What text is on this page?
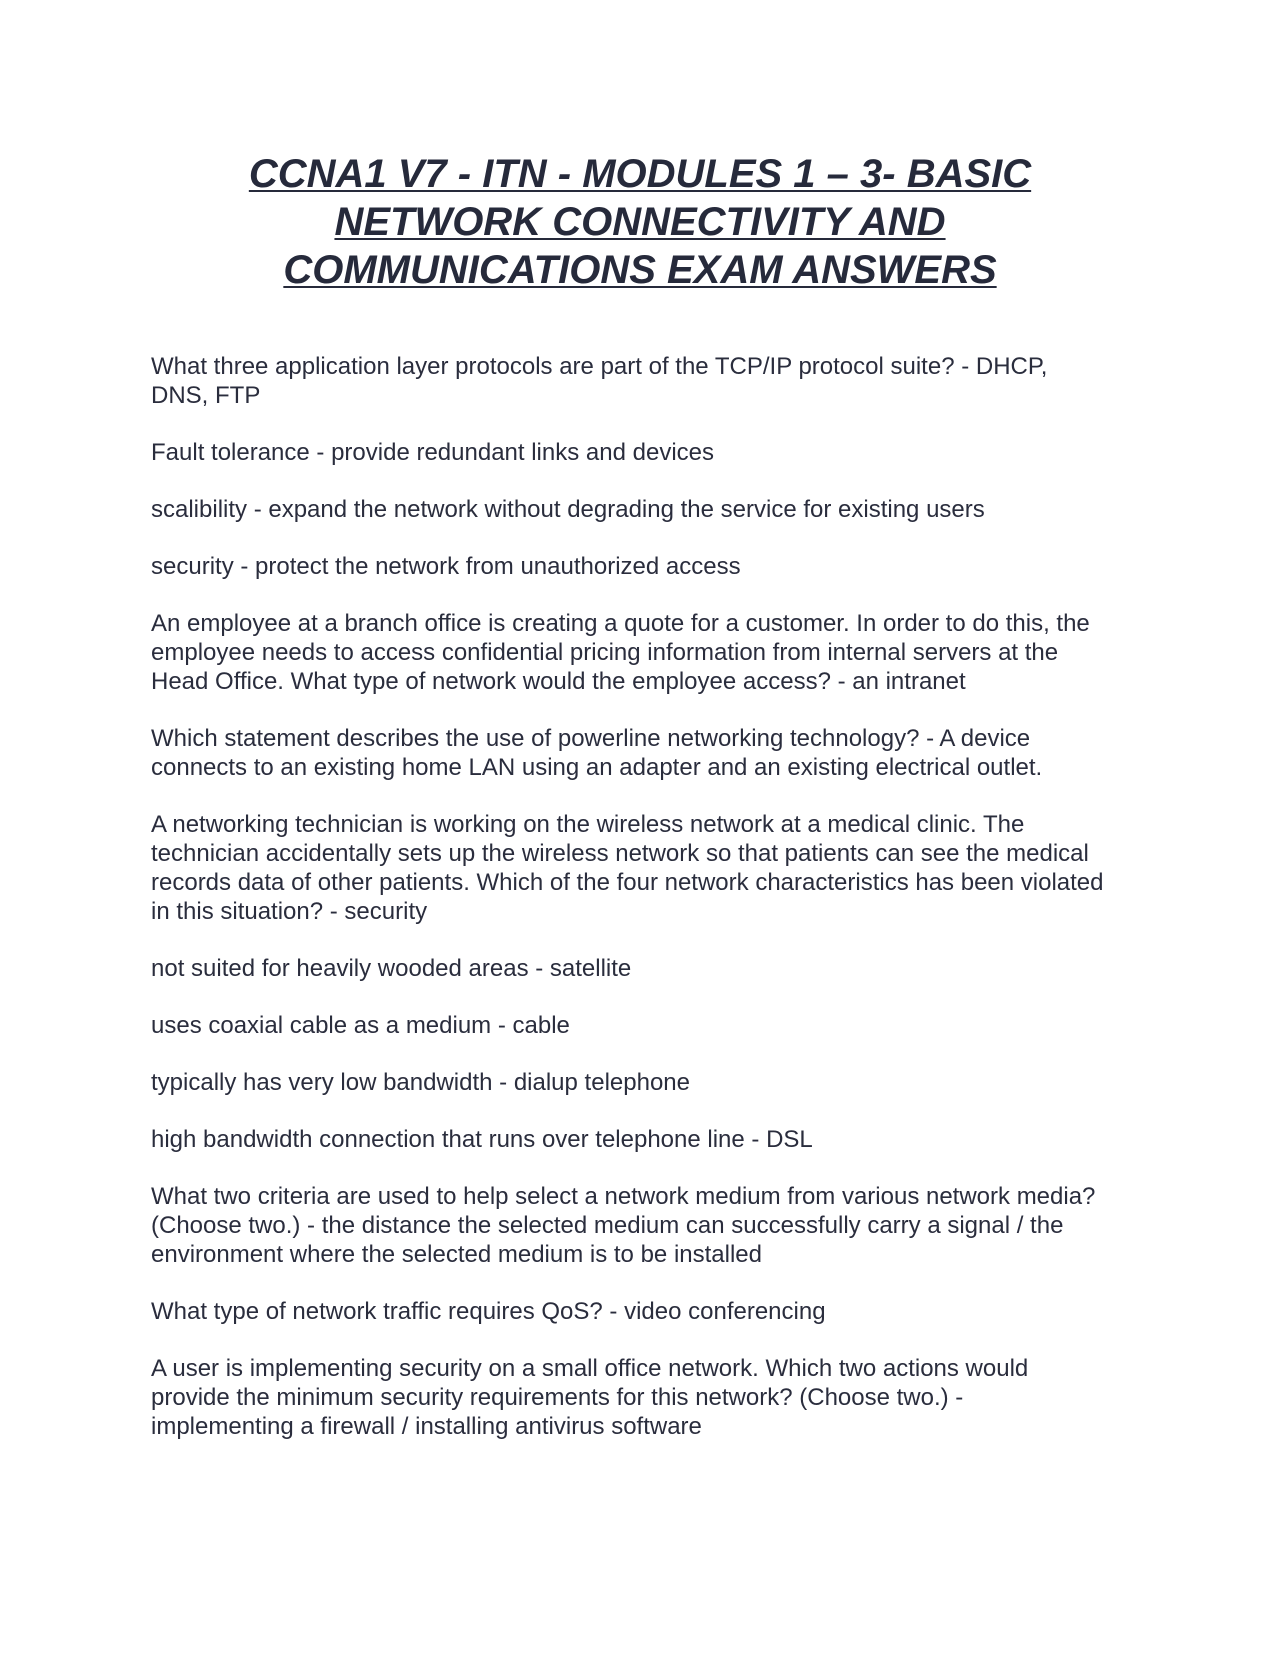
CCNA1 V7 - ITN - MODULES 1 – 3- BASIC NETWORK CONNECTIVITY AND COMMUNICATIONS EXAM ANSWERS

What three application layer protocols are part of the TCP/IP protocol suite? - DHCP, DNS, FTP

Fault tolerance - provide redundant links and devices

scalibility - expand the network without degrading the service for existing users

security - protect the network from unauthorized access

An employee at a branch office is creating a quote for a customer. In order to do this, the employee needs to access confidential pricing information from internal servers at the Head Office. What type of network would the employee access? - an intranet

Which statement describes the use of powerline networking technology? - A device connects to an existing home LAN using an adapter and an existing electrical outlet.

A networking technician is working on the wireless network at a medical clinic. The technician accidentally sets up the wireless network so that patients can see the medical records data of other patients. Which of the four network characteristics has been violated in this situation? - security

not suited for heavily wooded areas - satellite

uses coaxial cable as a medium - cable

typically has very low bandwidth - dialup telephone

high bandwidth connection that runs over telephone line - DSL

What two criteria are used to help select a network medium from various network media? (Choose two.) - the distance the selected medium can successfully carry a signal / the environment where the selected medium is to be installed

What type of network traffic requires QoS? - video conferencing

A user is implementing security on a small office network. Which two actions would provide the minimum security requirements for this network? (Choose two.) - implementing a firewall / installing antivirus software
